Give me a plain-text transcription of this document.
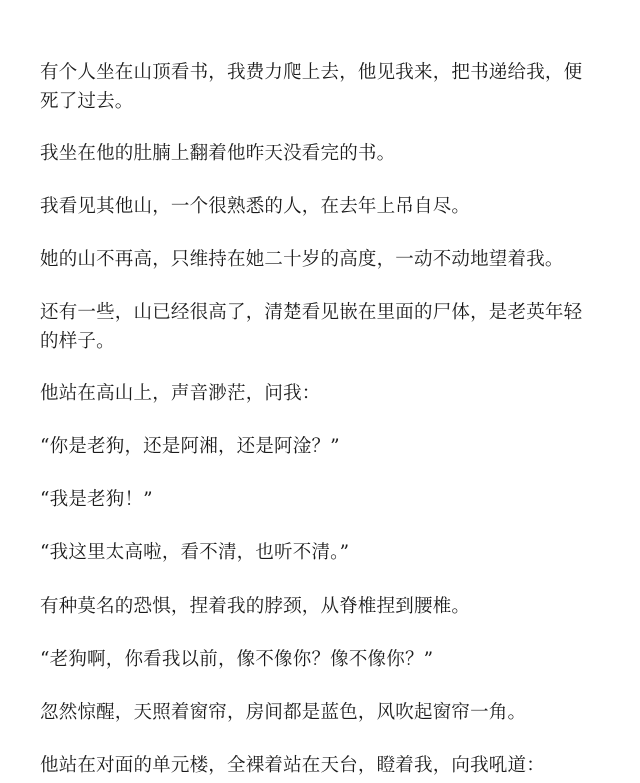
有个人坐在山顶看书，我费力爬上去，他见我来，把书递给我，便死了过去。

我坐在他的肚腩上翻着他昨天没看完的书。

我看见其他山，一个很熟悉的人，在去年上吊自尽。

她的山不再高，只维持在她二十岁的高度，一动不动地望着我。

还有一些，山已经很高了，清楚看见嵌在里面的尸体，是老英年轻的样子。

他站在高山上，声音渺茫，问我：

“你是老狗，还是阿湘，还是阿淦？”

“我是老狗！”

“我这里太高啦，看不清，也听不清。”

有种莫名的恐惧，捏着我的脖颈，从脊椎捏到腰椎。

“老狗啊，你看我以前，像不像你？像不像你？”

忽然惊醒，天照着窗帘，房间都是蓝色，风吹起窗帘一角。

他站在对面的单元楼，全裸着站在天台，瞪着我，向我吼道：
